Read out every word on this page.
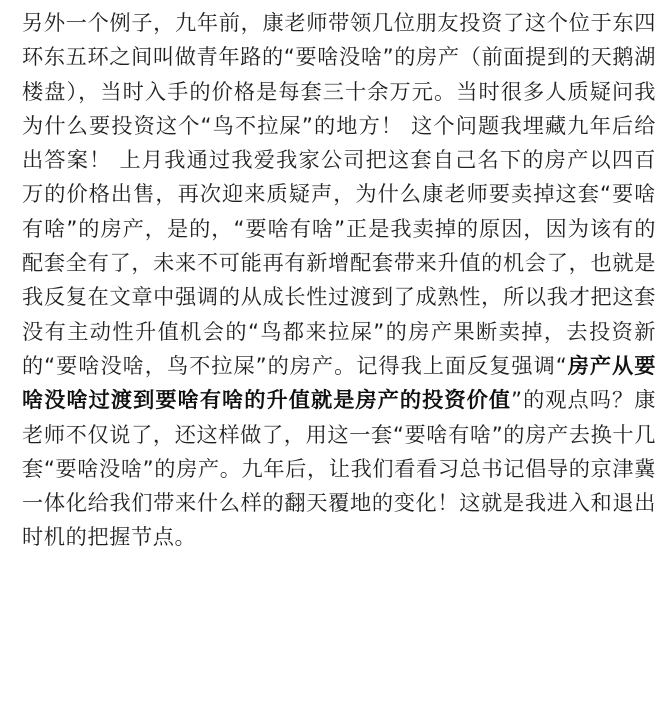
另外一个例子，九年前，康老师带领几位朋友投资了这个位于东四环东五环之间叫做青年路的“要啥没啥”的房产（前面提到的天鹅湖楼盘），当时入手的价格是每套三十余万元。当时很多人质疑问我为什么要投资这个“鸟不拉屎”的地方！ 这个问题我埋藏九年后给出答案！ 上月我通过我爱我家公司把这套自己名下的房产以四百万的价格出售，再次迎来质疑声，为什么康老师要卖掉这套“要啥有啥”的房产，是的，“要啥有啥”正是我卖掉的原因，因为该有的配套全有了，未来不可能再有新增配套带来升值的机会了，也就是我反复在文章中强调的从成长性过渡到了成熟性，所以我才把这套没有主动性升值机会的“鸟都来拉屎”的房产果断卖掉，去投资新的“要啥没啥，鸟不拉屎”的房产。记得我上面反复强调“房产从要啥没啥过渡到要啥有啥的升值就是房产的投资价值”的观点吗？康老师不仅说了，还这样做了，用这一套“要啥有啥”的房产去换十几套“要啥没啥”的房产。九年后，让我们看看习总书记倡导的京津冀一体化给我们带来什么样的翻天覆地的变化！这就是我进入和退出时机的把握节点。
